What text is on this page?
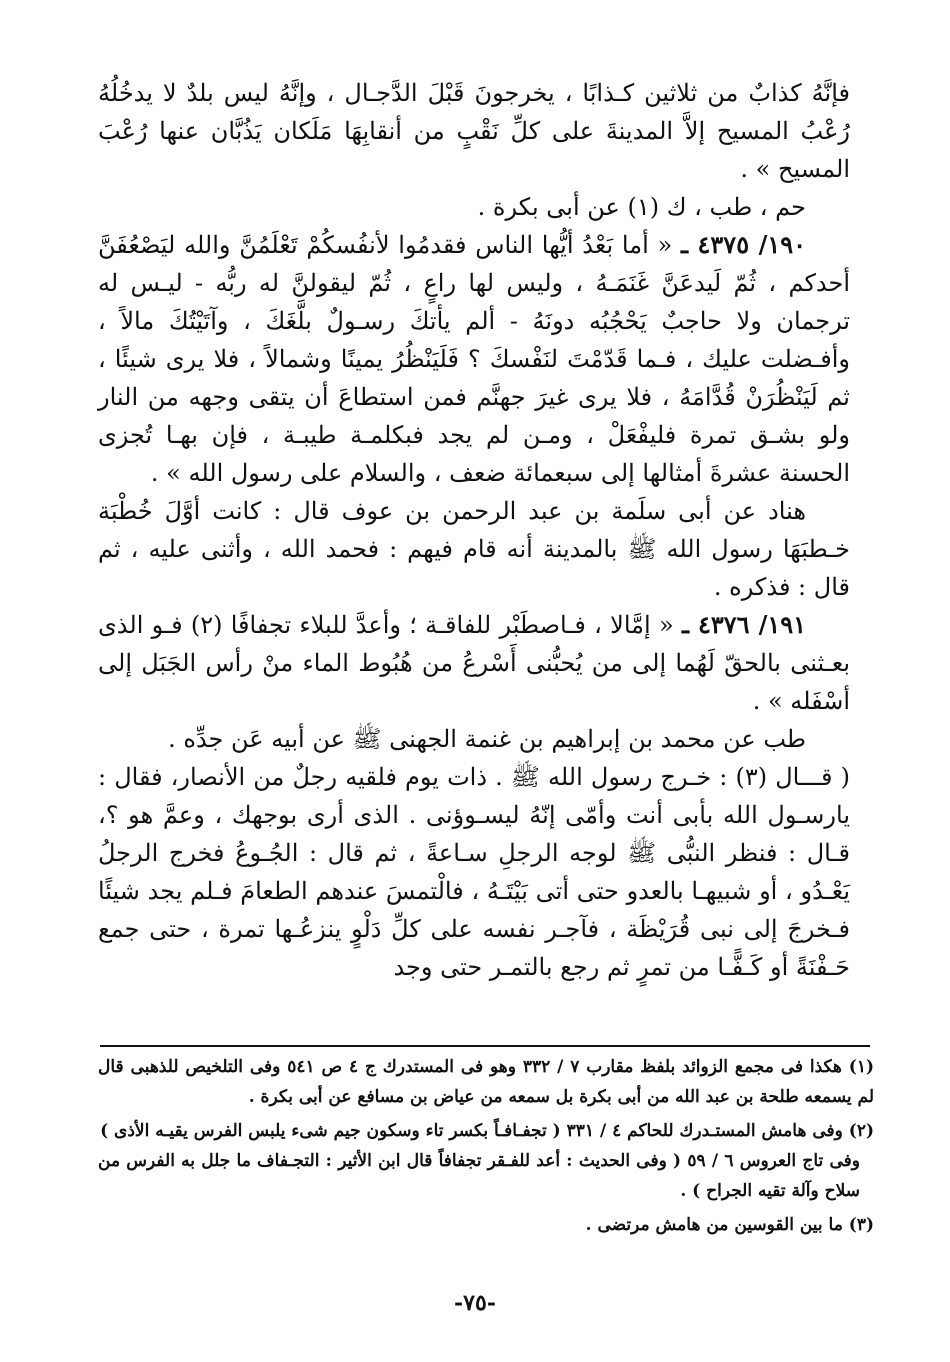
فإنَّهُ كذابٌ من ثلاثين كـذابًا ، يخرجونَ قَبْلَ الدَّجـال ، وإنَّهُ ليس بلدٌ لا يدخُلُهُ رُعْبُ المسيح إلاَّ المدينةَ على كلِّ نَقْبٍ من أنقابِهَا مَلَكان يَذُبَّان عنها رُعْبَ المسيح » .

حم ، طب ، ك (١) عن أبى بكرة .

١٩٠/ ٤٣٧٥ ـ « أما بَعْدُ أيُّها الناس فقدمُوا لأنفُسكُمْ تَعْلَمُنَّ والله ليَصْعُفَنَّ أحدكم ، ثُمّ لَيدعَنَّ غَنَمَـهُ ، وليس لها راعٍ ، ثُمّ ليقولنَّ له ربُّه - ليـس له ترجمان ولا حاجبٌ يَحْجُبُه دونَهُ - ألم يأتكَ رسـولٌ بلَّغَكَ ، وآتَيْتُكَ مالاً ، وأفـضلت عليك ، فـما قَدّمْتَ لنَفْسكَ ؟ فَلَيَنْظُرُ يمينًا وشمالاً ، فلا يرى شيئًا ، ثم لَيَنْظُرَنْ قُدَّامَهُ ، فلا يرى غيرَ جهنَّم فمن استطاعَ أن يتقى وجهه من النار ولو بشـق تمرة فليفْعَلْ ، ومـن لم يجد فبكلمـة طيبـة ، فإن بهـا تُجزى الحسنة عشرةَ أمثالها إلى سبعمائة ضعف ، والسلام على رسول الله » .

هناد عن أبى سلَمة بن عبد الرحمن بن عوف قال : كانت أوَّلَ خُطْبَة خـطبَهَا رسول الله ﷺ بالمدينة أنه قام فيهم : فحمد الله ، وأثنى عليه ، ثم قال : فذكره .

١٩١/ ٤٣٧٦ ـ « إمَّالا ، فـاصطَبْر للفاقـة ؛ وأعدَّ للبلاء تجفافًا (٢) فـو الذى بعـثنى بالحقّ لَهُما إلى من يُحبُّنى أَسْرعُ من هُبُوط الماء منْ رأس الجَبَل إلى أسْفَله » .

طب عن محمد بن إبراهيم بن غنمة الجهنى ﷺ عن أبيه عَن جدِّه .

( قـــال (٣) : خـرج رسول الله ﷺ . ذات يوم فلقيه رجلٌ من الأنصار، فقال : يارسـول الله بأبى أنت وأمّى إنّهُ ليسـوؤنى . الذى أرى بوجهك ، وعمَّ هو ؟، قـال : فنظر النبُّى ﷺ لوجه الرجلِ سـاعةً ، ثم قال : الجُـوعُ فخرج الرجلُ يَعْـدُو ، أو شبيهـا بالعدو حتى أتى بَيْتَـهُ ، فالْتمسَ عندهم الطعامَ فـلم يجد شيئًا فـخرجَ إلى نبى قُرَيْظَة ، فآجـر نفسه على كلِّ دَلْوٍ ينزعُـها تمرة ، حتى جمع حَـفْنَةً أو كَـفًّـا من تمرٍ ثم رجع بالتمـر حتى وجد

(١) هكذا فى مجمع الزوائد بلفظ مقارب ٧ / ٣٣٢ وهو فى المستدرك ج ٤ ص ٥٤١ وفى التلخيص للذهبى قال لم يسمعه طلحة بن عبد الله من أبى بكرة بل سمعه من عياض بن مسافع عن أبى بكرة .

(٢) وفى هامش المستـدرك للحاكم ٤ / ٣٣١ ( تجفـافـاً بكسر تاء وسكون جيم شىء يلبس الفرس يقيـه الأذى )

وفى تاج العروس ٦ / ٥٩ ( وفى الحديث : أعد للفـقر تجفافاً قال ابن الأثير : التجـفاف ما جلل به الفرس من سلاح وآلة تقيه الجراح ) .

(٣) ما بين القوسين من هامش مرتضى .

-٧٥-
